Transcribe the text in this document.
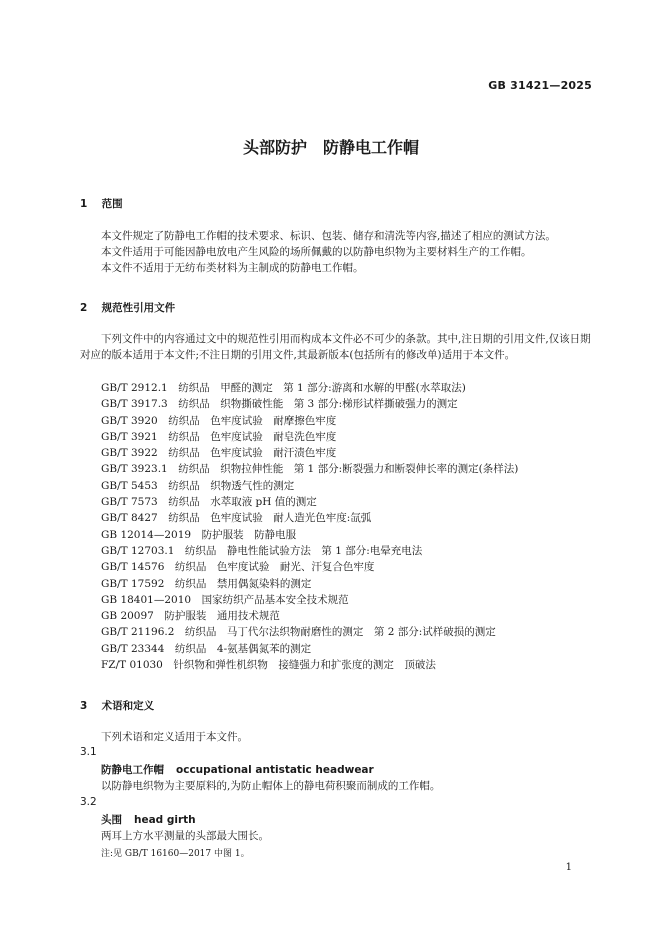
GB 31421—2025
头部防护　防静电工作帽
1 范围
本文件规定了防静电工作帽的技术要求、标识、包装、储存和清洗等内容,描述了相应的测试方法。
本文件适用于可能因静电放电产生风险的场所佩戴的以防静电织物为主要材料生产的工作帽。
本文件不适用于无纺布类材料为主制成的防静电工作帽。
2 规范性引用文件
下列文件中的内容通过文中的规范性引用而构成本文件必不可少的条款。其中,注日期的引用文件,仅该日期对应的版本适用于本文件;不注日期的引用文件,其最新版本(包括所有的修改单)适用于本文件。
GB/T 2912.1　纺织品　甲醛的测定　第 1 部分:游离和水解的甲醛(水萃取法)
GB/T 3917.3　纺织品　织物撕破性能　第 3 部分:梯形试样撕破强力的测定
GB/T 3920　纺织品　色牢度试验　耐摩擦色牢度
GB/T 3921　纺织品　色牢度试验　耐皂洗色牢度
GB/T 3922　纺织品　色牢度试验　耐汗渍色牢度
GB/T 3923.1　纺织品　织物拉伸性能　第 1 部分:断裂强力和断裂伸长率的测定(条样法)
GB/T 5453　纺织品　织物透气性的测定
GB/T 7573　纺织品　水萃取液 pH 值的测定
GB/T 8427　纺织品　色牢度试验　耐人造光色牢度:氙弧
GB 12014—2019　防护服装　防静电服
GB/T 12703.1　纺织品　静电性能试验方法　第 1 部分:电晕充电法
GB/T 14576　纺织品　色牢度试验　耐光、汗复合色牢度
GB/T 17592　纺织品　禁用偶氮染料的测定
GB 18401—2010　国家纺织产品基本安全技术规范
GB 20097　防护服装　通用技术规范
GB/T 21196.2　纺织品　马丁代尔法织物耐磨性的测定　第 2 部分:试样破损的测定
GB/T 23344　纺织品　4-氨基偶氮苯的测定
FZ/T 01030　针织物和弹性机织物　接缝强力和扩张度的测定　顶破法
3 术语和定义
下列术语和定义适用于本文件。
3.1
防静电工作帽 occupational antistatic headwear
以防静电织物为主要原料的,为防止帽体上的静电荷积聚而制成的工作帽。
3.2
头围 head girth
两耳上方水平测量的头部最大围长。
注:见 GB/T 16160—2017 中图 1。
1
